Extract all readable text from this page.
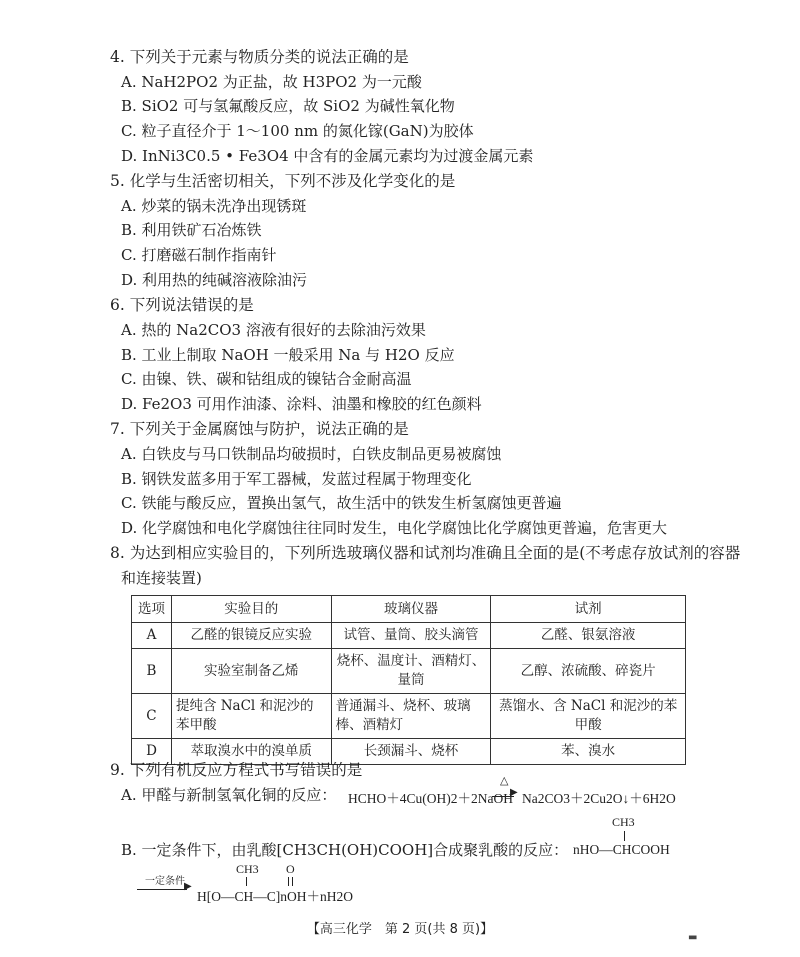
4. 下列关于元素与物质分类的说法正确的是
A. NaH2PO2 为正盐，故 H3PO2 为一元酸
B. SiO2 可与氢氟酸反应，故 SiO2 为碱性氧化物
C. 粒子直径介于 1～100 nm 的氮化镓(GaN)为胶体
D. InNi3C0.5 • Fe3O4 中含有的金属元素均为过渡金属元素
5. 化学与生活密切相关，下列不涉及化学变化的是
A. 炒菜的锅未洗净出现锈斑
B. 利用铁矿石冶炼铁
C. 打磨磁石制作指南针
D. 利用热的纯碱溶液除油污
6. 下列说法错误的是
A. 热的 Na2CO3 溶液有很好的去除油污效果
B. 工业上制取 NaOH 一般采用 Na 与 H2O 反应
C. 由镍、铁、碳和钴组成的镍钴合金耐高温
D. Fe2O3 可用作油漆、涂料、油墨和橡胶的红色颜料
7. 下列关于金属腐蚀与防护，说法正确的是
A. 白铁皮与马口铁制品均破损时，白铁皮制品更易被腐蚀
B. 钢铁发蓝多用于军工器械，发蓝过程属于物理变化
C. 铁能与酸反应，置换出氢气，故生活中的铁发生析氢腐蚀更普遍
D. 化学腐蚀和电化学腐蚀往往同时发生，电化学腐蚀比化学腐蚀更普遍，危害更大
8. 为达到相应实验目的，下列所选玻璃仪器和试剂均准确且全面的是(不考虑存放试剂的容器
和连接装置)
选项	实验目的	玻璃仪器	试剂
A	乙醛的银镜反应实验	试管、量筒、胶头滴管	乙醛、银氨溶液
B	实验室制备乙烯	烧杯、温度计、酒精灯、量筒	乙醇、浓硫酸、碎瓷片
C	提纯含 NaCl 和泥沙的苯甲酸	普通漏斗、烧杯、玻璃棒、酒精灯	蒸馏水、含 NaCl 和泥沙的苯甲酸
D	萃取溴水中的溴单质	长颈漏斗、烧杯	苯、溴水
9. 下列有机反应方程式书写错误的是
A. 甲醛与新制氢氧化铜的反应： HCHO＋4Cu(OH)2＋2NaOH
△
▶ Na2CO3＋2Cu2O↓＋6H2O
CH3
B. 一定条件下，由乳酸[CH3CH(OH)COOH]合成聚乳酸的反应： nHO—CHCOOH
一定条件 ▶
CH3 O
H[O—CH—C]nOH＋nH2O
【高三化学　第 2 页(共 8 页)】
▬
